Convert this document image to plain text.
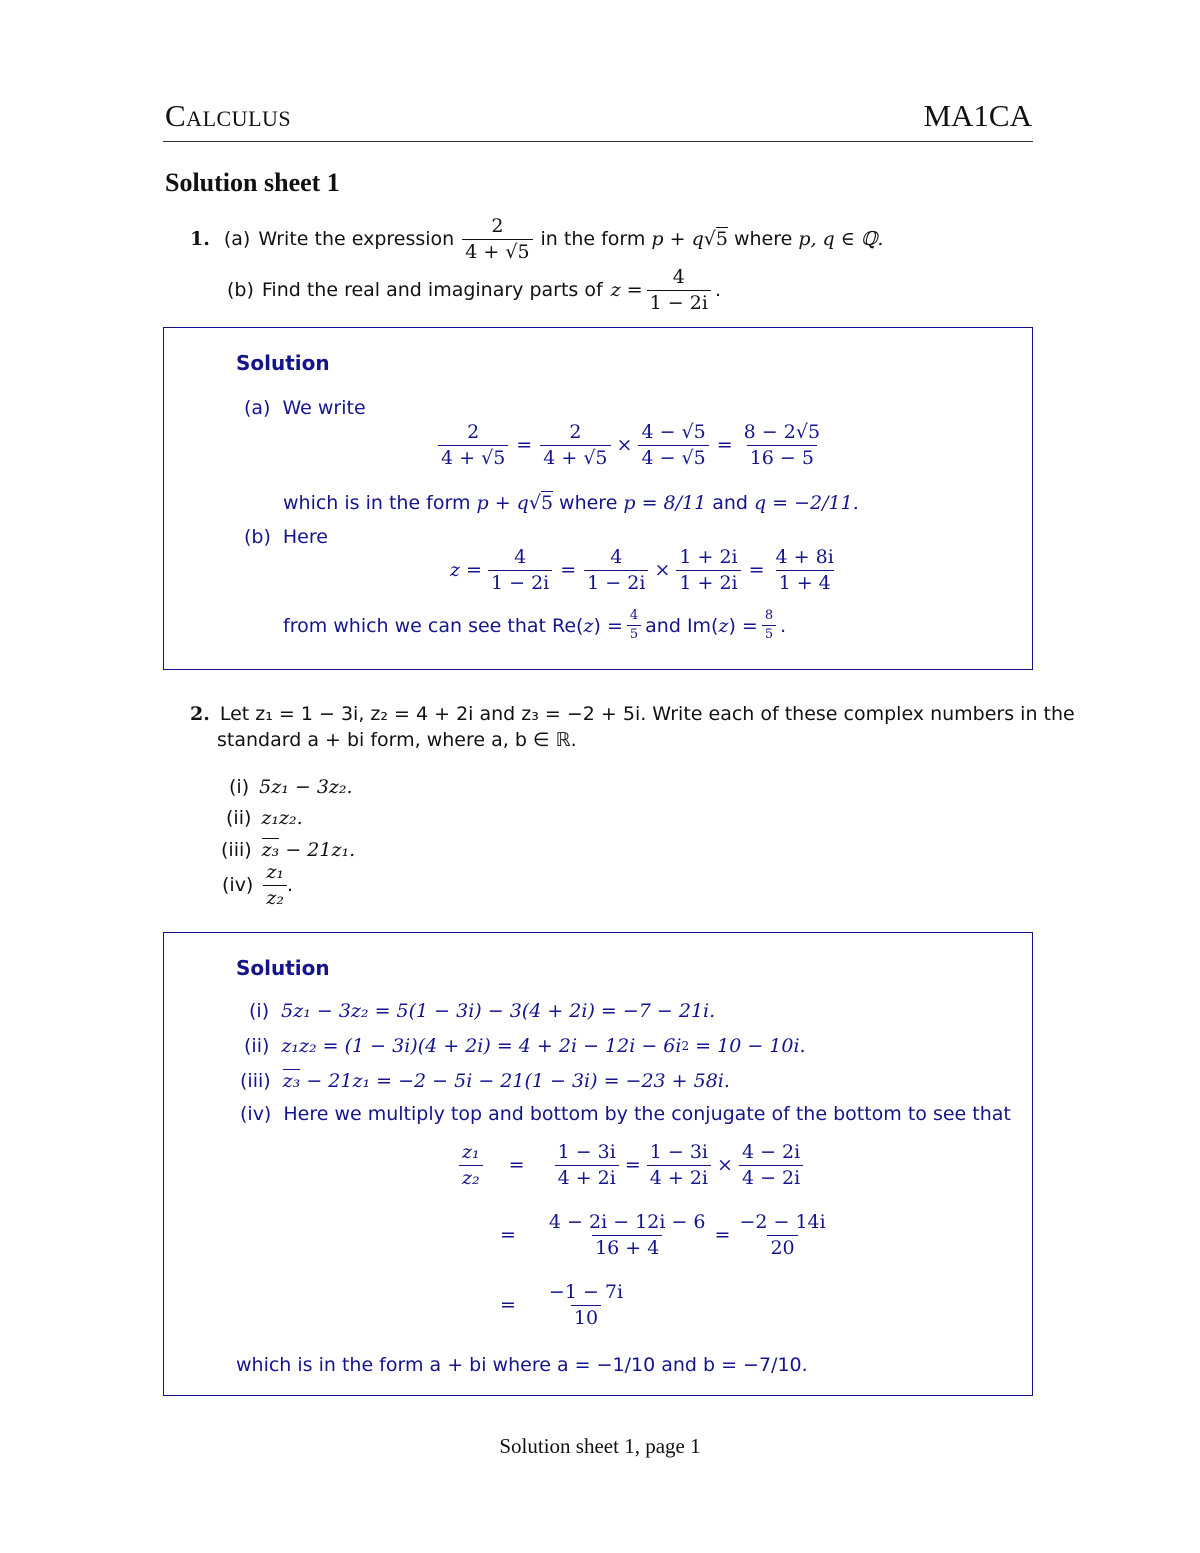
Calculus	MA1CA
Solution sheet 1
1. (a) Write the expression $\frac{2}{4 + √5}$ in the form p + q √5 where p, q ∈ ℚ.
(b) Find the real and imaginary parts of $z = \frac{4}{1 - 2i}$ .
Solution
(a) We write
$\frac{2}{4 + √5} = \frac{2}{4 + √5} \times \frac{4 - √5}{4 - √5} = \frac{8 - 2√5}{16 - 5}$
which is in the form p + q √5 where p = 8/11 and q = −2/11.
(b) Here
$z = \frac{4}{1 - 2i} = \frac{4}{1 - 2i} \times \frac{1 + 2i}{1 + 2i} = \frac{4 + 8i}{1 + 4}$
from which we can see that Re( z ) = $\frac{4}{5}$ and Im( z ) = $\frac{8}{5}$ .
2. Let z₁ = 1 − 3i, z₂ = 4 + 2i and z₃ = −2 + 5i. Write each of these complex numbers in the
standard a + bi form, where a, b ∈ ℝ.
(i) 5z₁ − 3z₂.
(ii) z₁z₂.
(iii) z₃ − 21z₁.
$(iv) \frac{\text{z₁}}{\text{z₂}}$ .
Solution
(i) 5z₁ − 3z₂ = 5(1 − 3i) − 3(4 + 2i) = −7 − 21i.
(ii) z₁z₂ = (1 − 3i)(4 + 2i) = 4 + 2i − 12i − 6i 2 = 10 − 10i.
(iii) z₃ − 21z₁ = −2 − 5i − 21(1 − 3i) = −23 + 58i.
(iv) Here we multiply top and bottom by the conjugate of the bottom to see that
$\frac{\text{z₁}}{\text{z₂}} = \frac{1 - 3i}{4 + 2i} = \frac{1 - 3i}{4 + 2i} \times \frac{4 - 2i}{4 - 2i}$
= $\frac{4 - 2i - 12i - 6}{16 + 4} = \frac{-2 - 14i}{20}$
= $\frac{-1 - 7i}{10}$
which is in the form a + bi where a = −1/10 and b = −7/10.
Solution sheet 1, page 1
